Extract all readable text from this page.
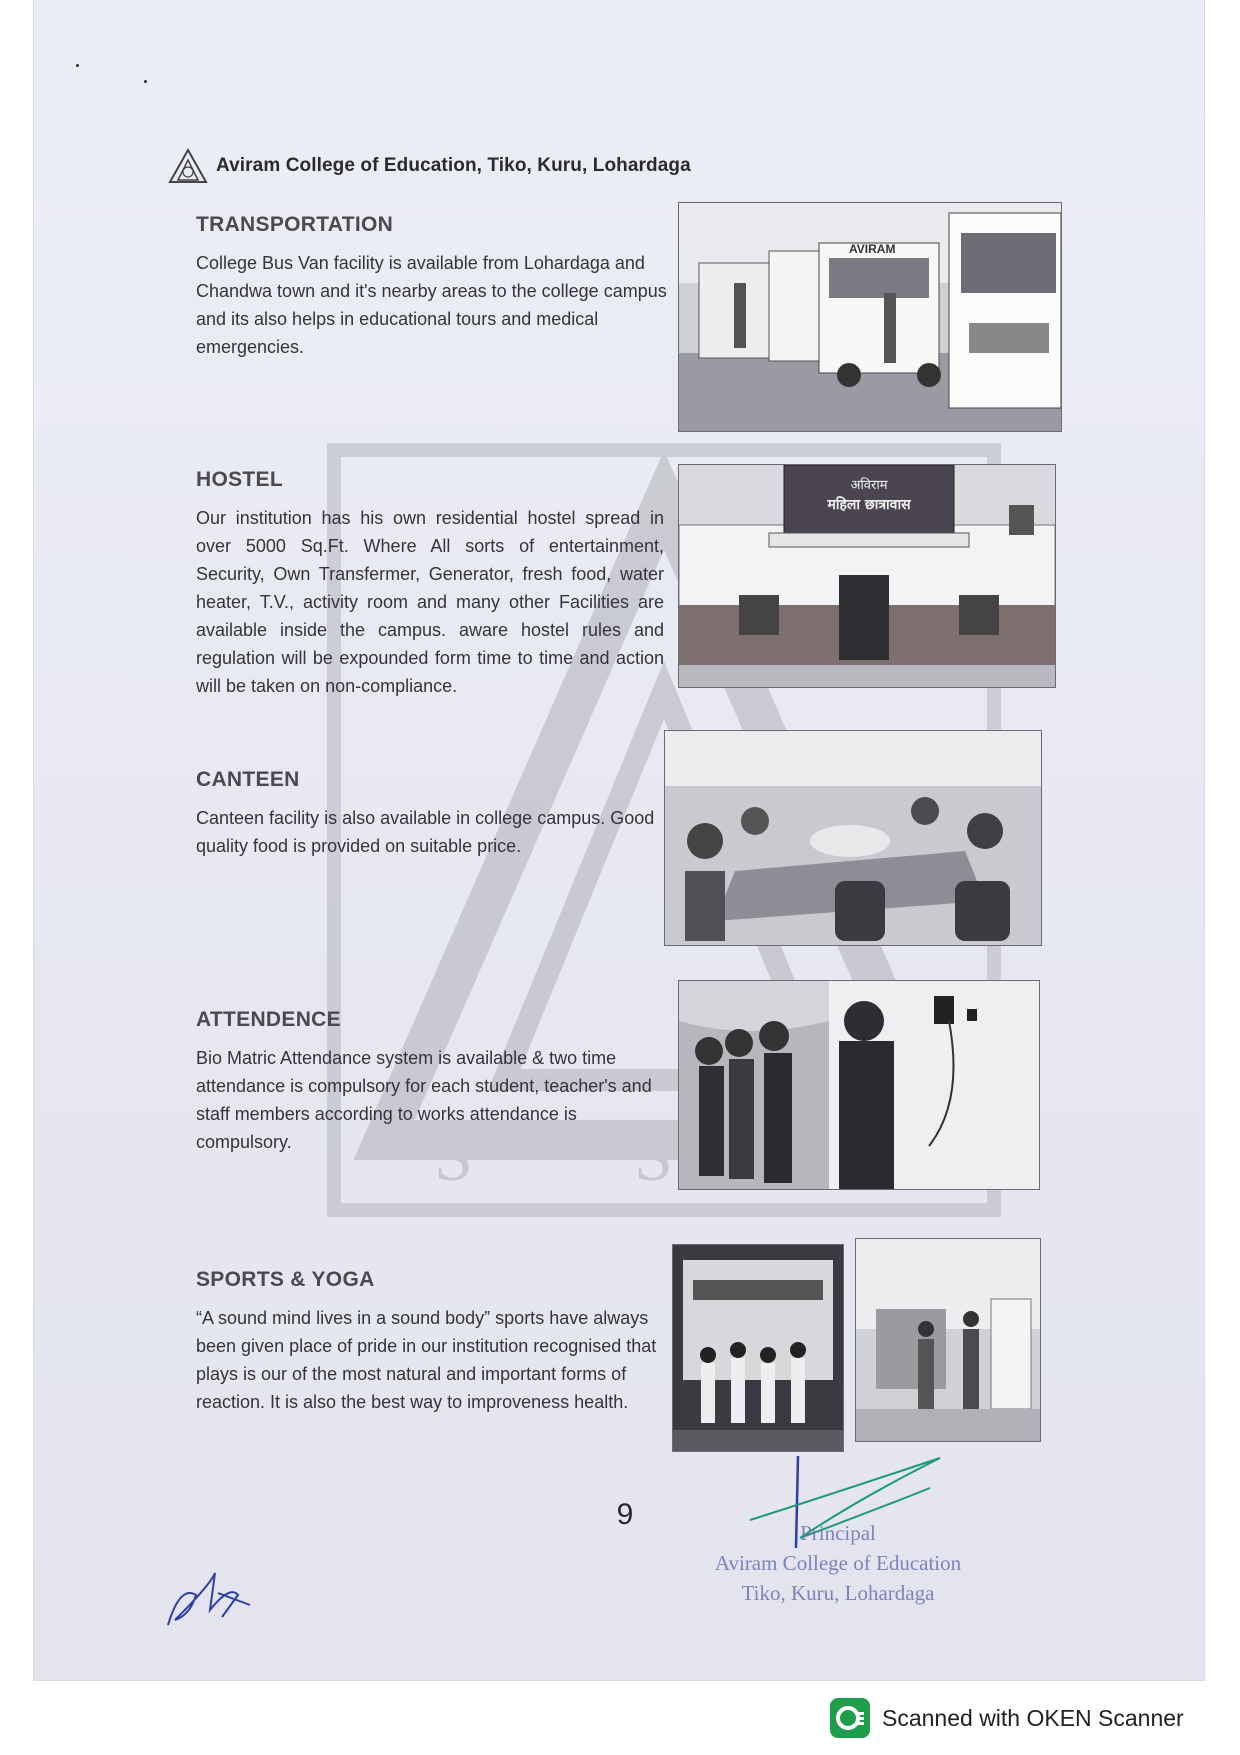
S S
Aviram College of Education, Tiko, Kuru, Lohardaga
TRANSPORTATION

College Bus Van facility is available from Lohardaga and Chandwa town and it's nearby areas to the college campus and its also helps in educational tours and medical emergencies.

AVIRAM
HOSTEL

Our institution has his own residential hostel spread in over 5000 Sq.Ft. Where All sorts of entertainment, Security, Own Transfermer, Generator, fresh food, water heater, T.V., activity room and many other Facilities are available inside the campus. aware hostel rules and regulation will be expounded form time to time and action will be taken on non-compliance.

अविराम
महिला छात्रावास
CANTEEN

Canteen facility is also available in college campus. Good quality food is provided on suitable price.

ATTENDENCE

Bio Matric Attendance system is available & two time attendance is compulsory for each student, teacher's and staff members according to works attendance is compulsory.

SPORTS & YOGA

“A sound mind lives in a sound body” sports have always been given place of pride in our institution recognised that plays is our of the most natural and important forms of reaction. It is also the best way to improveness health.

9
Principal
Aviram College of Education
Tiko, Kuru, Lohardaga
Scanned with OKEN Scanner
